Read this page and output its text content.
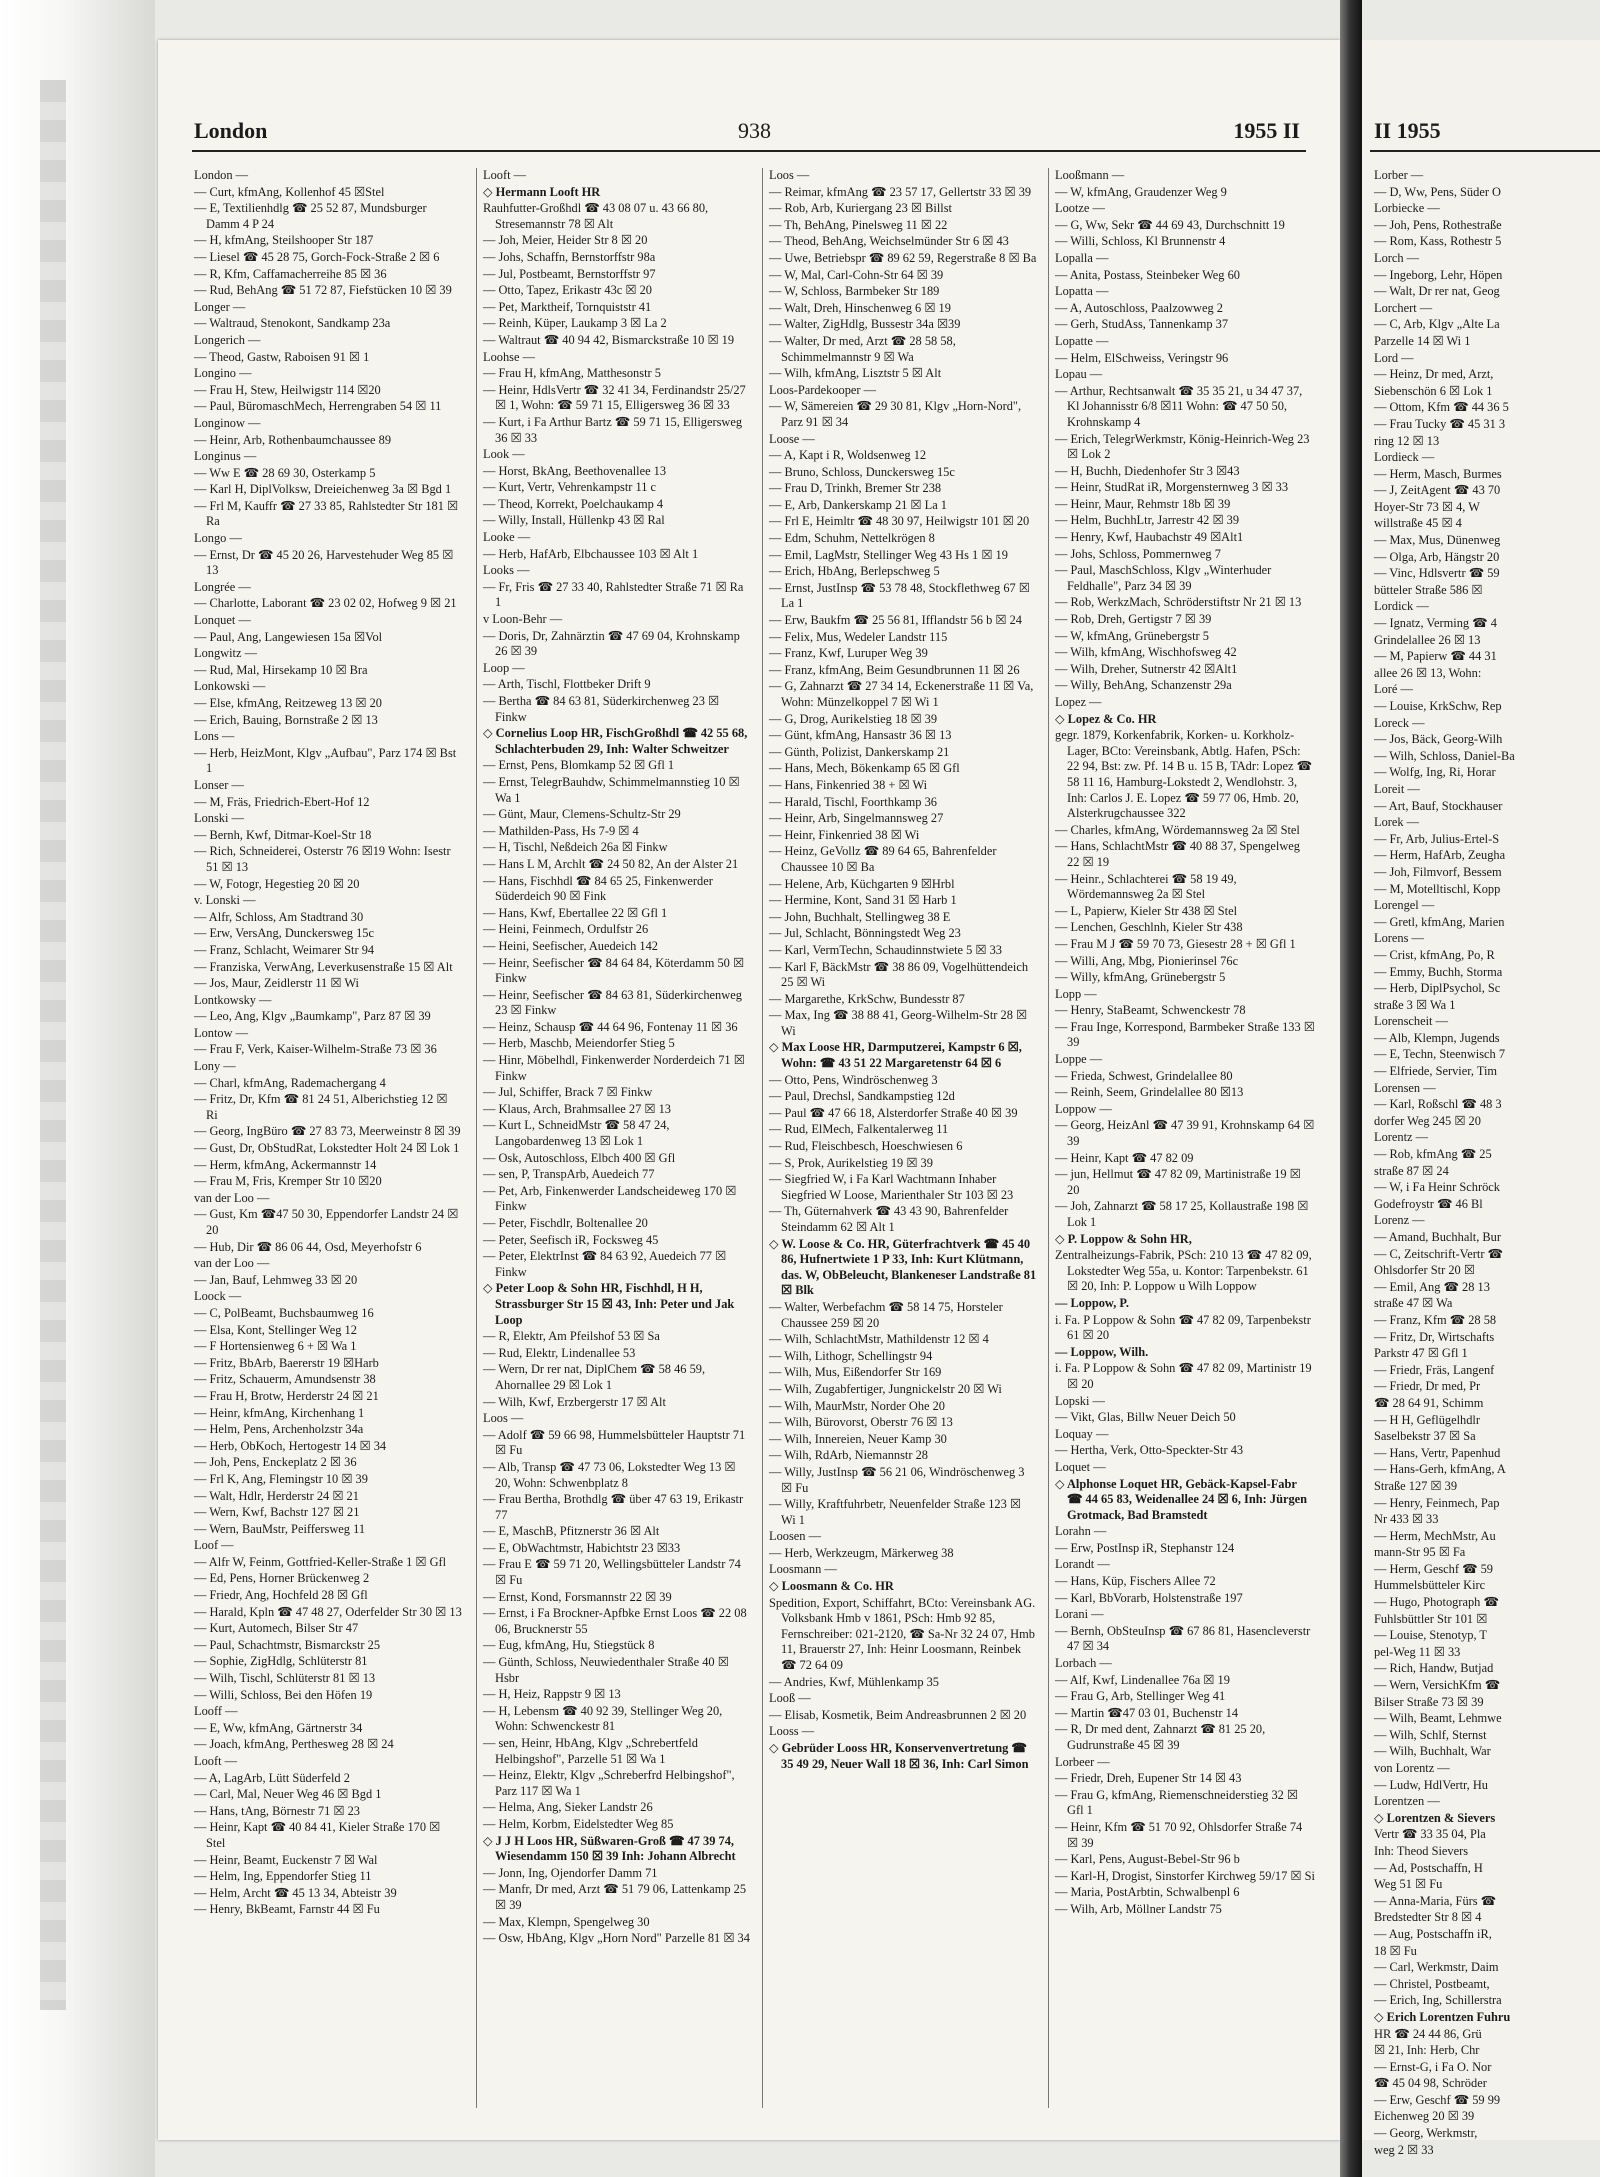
London	938	1955 II
London —
— Curt, kfmAng, Kollenhof 45 ☒Stel
— E, Textilienhdlg ☎ 25 52 87, Mundsburger Damm 4 P 24
— H, kfmAng, Steilshooper Str 187
— Liesel ☎ 45 28 75, Gorch-Fock-Straße 2 ☒ 6
— R, Kfm, Caffamacherreihe 85 ☒ 36
— Rud, BehAng ☎ 51 72 87, Fiefstücken 10 ☒ 39
Longer —
— Waltraud, Stenokont, Sandkamp 23a
Longerich —
— Theod, Gastw, Raboisen 91 ☒ 1
Longino —
— Frau H, Stew, Heilwigstr 114 ☒20
— Paul, BüromaschMech, Herrengraben 54 ☒ 11
Longinow —
— Heinr, Arb, Rothenbaumchaussee 89
Longinus —
— Ww E ☎ 28 69 30, Osterkamp 5
— Karl H, DiplVolksw, Dreieichenweg 3a ☒ Bgd 1
— Frl M, Kauffr ☎ 27 33 85, Rahlstedter Str 181 ☒ Ra
Longo —
— Ernst, Dr ☎ 45 20 26, Harvestehuder Weg 85 ☒ 13
Longrée —
— Charlotte, Laborant ☎ 23 02 02, Hofweg 9 ☒ 21
Lonquet —
— Paul, Ang, Langewiesen 15a ☒Vol
Longwitz —
— Rud, Mal, Hirsekamp 10 ☒ Bra
Lonkowski —
— Else, kfmAng, Reitzeweg 13 ☒ 20
— Erich, Bauing, Bornstraße 2 ☒ 13
Lons —
— Herb, HeizMont, Klgv „Aufbau", Parz 174 ☒ Bst 1
Lonser —
— M, Fräs, Friedrich-Ebert-Hof 12
Lonski —
— Bernh, Kwf, Ditmar-Koel-Str 18
— Rich, Schneiderei, Osterstr 76 ☒19 Wohn: Isestr 51 ☒ 13
— W, Fotogr, Hegestieg 20 ☒ 20
v. Lonski —
— Alfr, Schloss, Am Stadtrand 30
— Erw, VersAng, Dunckersweg 15c
— Franz, Schlacht, Weimarer Str 94
— Franziska, VerwAng, Leverkusenstraße 15 ☒ Alt
— Jos, Maur, Zeidlerstr 11 ☒ Wi
Lontkowsky —
— Leo, Ang, Klgv „Baumkamp", Parz 87 ☒ 39
Lontow —
— Frau F, Verk, Kaiser-Wilhelm-Straße 73 ☒ 36
Lony —
— Charl, kfmAng, Rademachergang 4
— Fritz, Dr, Kfm ☎ 81 24 51, Alberichstieg 12 ☒ Ri
— Georg, IngBüro ☎ 27 83 73, Meerweinstr 8 ☒ 39
— Gust, Dr, ObStudRat, Lokstedter Holt 24 ☒ Lok 1
— Herm, kfmAng, Ackermannstr 14
— Frau M, Fris, Kremper Str 10 ☒20
van der Loo —
— Gust, Km ☎47 50 30, Eppendorfer Landstr 24 ☒ 20
— Hub, Dir ☎ 86 06 44, Osd, Meyerhofstr 6
van der Loo —
— Jan, Bauf, Lehmweg 33 ☒ 20
Loock —
— C, PolBeamt, Buchsbaumweg 16
— Elsa, Kont, Stellinger Weg 12
— F Hortensienweg 6 + ☒ Wa 1
— Fritz, BbArb, Baererstr 19 ☒Harb
— Fritz, Schauerm, Amundsenstr 38
— Frau H, Brotw, Herderstr 24 ☒ 21
— Heinr, kfmAng, Kirchenhang 1
— Helm, Pens, Archenholzstr 34a
— Herb, ObKoch, Hertogestr 14 ☒ 34
— Joh, Pens, Enckeplatz 2 ☒ 36
— Frl K, Ang, Flemingstr 10 ☒ 39
— Walt, Hdlr, Herderstr 24 ☒ 21
— Wern, Kwf, Bachstr 127 ☒ 21
— Wern, BauMstr, Peiffersweg 11
Loof —
— Alfr W, Feinm, Gottfried-Keller-Straße 1 ☒ Gfl
— Ed, Pens, Horner Brückenweg 2
— Friedr, Ang, Hochfeld 28 ☒ Gfl
— Harald, Kpln ☎ 47 48 27, Oderfelder Str 30 ☒ 13
— Kurt, Automech, Bilser Str 47
— Paul, Schachtmstr, Bismarckstr 25
— Sophie, ZigHdlg, Schlüterstr 81
— Wilh, Tischl, Schlüterstr 81 ☒ 13
— Willi, Schloss, Bei den Höfen 19
Looff —
— E, Ww, kfmAng, Gärtnerstr 34
— Joach, kfmAng, Perthesweg 28 ☒ 24
Looft —
— A, LagArb, Lütt Süderfeld 2
— Carl, Mal, Neuer Weg 46 ☒ Bgd 1
— Hans, tAng, Börnestr 71 ☒ 23
— Heinr, Kapt ☎ 40 84 41, Kieler Straße 170 ☒ Stel
— Heinr, Beamt, Euckenstr 7 ☒ Wal
— Helm, Ing, Eppendorfer Stieg 11
— Helm, Archt ☎ 45 13 34, Abteistr 39
— Henry, BkBeamt, Farnstr 44 ☒ Fu
Looft —
◇ Hermann Looft HR
Rauhfutter-Großhdl ☎ 43 08 07 u. 43 66 80, Stresemannstr 78 ☒ Alt
— Joh, Meier, Heider Str 8 ☒ 20
— Johs, Schaffn, Bernstorffstr 98a
— Jul, Postbeamt, Bernstorffstr 97
— Otto, Tapez, Erikastr 43c ☒ 20
— Pet, Marktheif, Tornquiststr 41
— Reinh, Küper, Laukamp 3 ☒ La 2
— Waltraut ☎ 40 94 42, Bismarckstraße 10 ☒ 19
Loohse —
— Frau H, kfmAng, Matthesonstr 5
— Heinr, HdlsVertr ☎ 32 41 34, Ferdinandstr 25/27 ☒ 1, Wohn: ☎ 59 71 15, Elligersweg 36 ☒ 33
— Kurt, i Fa Arthur Bartz ☎ 59 71 15, Elligersweg 36 ☒ 33
Look —
— Horst, BkAng, Beethovenallee 13
— Kurt, Vertr, Vehrenkampstr 11 c
— Theod, Korrekt, Poelchaukamp 4
— Willy, Install, Hüllenkp 43 ☒ Ral
Looke —
— Herb, HafArb, Elbchaussee 103 ☒ Alt 1
Looks —
— Fr, Fris ☎ 27 33 40, Rahlstedter Straße 71 ☒ Ra 1
v Loon-Behr —
— Doris, Dr, Zahnärztin ☎ 47 69 04, Krohnskamp 26 ☒ 39
Loop —
— Arth, Tischl, Flottbeker Drift 9
— Bertha ☎ 84 63 81, Süderkirchenweg 23 ☒ Finkw
◇ Cornelius Loop HR, FischGroßhdl ☎ 42 55 68, Schlachterbuden 29, Inh: Walter Schweitzer
— Ernst, Pens, Blomkamp 52 ☒ Gfl 1
— Ernst, TelegrBauhdw, Schimmelmannstieg 10 ☒ Wa 1
— Günt, Maur, Clemens-Schultz-Str 29
— Mathilden-Pass, Hs 7-9 ☒ 4
— H, Tischl, Neßdeich 26a ☒ Finkw
— Hans L M, Archlt ☎ 24 50 82, An der Alster 21
— Hans, Fischhdl ☎ 84 65 25, Finkenwerder Süderdeich 90 ☒ Fink
— Hans, Kwf, Ebertallee 22 ☒ Gfl 1
— Heini, Feinmech, Ordulfstr 26
— Heini, Seefischer, Auedeich 142
— Heinr, Seefischer ☎ 84 64 84, Köterdamm 50 ☒ Finkw
— Heinr, Seefischer ☎ 84 63 81, Süderkirchenweg 23 ☒ Finkw
— Heinz, Schausp ☎ 44 64 96, Fontenay 11 ☒ 36
— Herb, Maschb, Meiendorfer Stieg 5
— Hinr, Möbelhdl, Finkenwerder Norderdeich 71 ☒ Finkw
— Jul, Schiffer, Brack 7 ☒ Finkw
— Klaus, Arch, Brahmsallee 27 ☒ 13
— Kurt L, SchneidMstr ☎ 58 47 24, Langobardenweg 13 ☒ Lok 1
— Osk, Autoschloss, Elbch 400 ☒ Gfl
— sen, P, TranspArb, Auedeich 77
— Pet, Arb, Finkenwerder Landscheideweg 170 ☒ Finkw
— Peter, Fischdlr, Boltenallee 20
— Peter, Seefisch iR, Focksweg 45
— Peter, ElektrInst ☎ 84 63 92, Auedeich 77 ☒ Finkw
◇ Peter Loop & Sohn HR, Fischhdl, H H, Strassburger Str 15 ☒ 43, Inh: Peter und Jak Loop
— R, Elektr, Am Pfeilshof 53 ☒ Sa
— Rud, Elektr, Lindenallee 53
— Wern, Dr rer nat, DiplChem ☎ 58 46 59, Ahornallee 29 ☒ Lok 1
— Wilh, Kwf, Erzbergerstr 17 ☒ Alt
Loos —
— Adolf ☎ 59 66 98, Hummelsbütteler Hauptstr 71 ☒ Fu
— Alb, Transp ☎ 47 73 06, Lokstedter Weg 13 ☒ 20, Wohn: Schwenbplatz 8
— Frau Bertha, Brothdlg ☎ über 47 63 19, Erikastr 77
— E, MaschB, Pfitznerstr 36 ☒ Alt
— E, ObWachtmstr, Habichtstr 23 ☒33
— Frau E ☎ 59 71 20, Wellingsbütteler Landstr 74 ☒ Fu
— Ernst, Kond, Forsmannstr 22 ☒ 39
— Ernst, i Fa Brockner-Apfbke Ernst Loos ☎ 22 08 06, Brucknerstr 55
— Eug, kfmAng, Hu, Stiegstück 8
— Günth, Schloss, Neuwiedenthaler Straße 40 ☒ Hsbr
— H, Heiz, Rappstr 9 ☒ 13
— H, Lebensm ☎ 40 92 39, Stellinger Weg 20, Wohn: Schwenckestr 81
— sen, Heinr, HbAng, Klgv „Schrebertfeld Helbingshof", Parzelle 51 ☒ Wa 1
— Heinz, Elektr, Klgv „Schreberfrd Helbingshof", Parz 117 ☒ Wa 1
— Helma, Ang, Sieker Landstr 26
— Helm, Korbm, Eidelstedter Weg 85
◇ J J H Loos HR, Süßwaren-Groß ☎ 47 39 74, Wiesendamm 150 ☒ 39 Inh: Johann Albrecht
— Jonn, Ing, Ojendorfer Damm 71
— Manfr, Dr med, Arzt ☎ 51 79 06, Lattenkamp 25 ☒ 39
— Max, Klempn, Spengelweg 30
— Osw, HbAng, Klgv „Horn Nord" Parzelle 81 ☒ 34
Loos —
— Reimar, kfmAng ☎ 23 57 17, Gellertstr 33 ☒ 39
— Rob, Arb, Kuriergang 23 ☒ Billst
— Th, BehAng, Pinelsweg 11 ☒ 22
— Theod, BehAng, Weichselmünder Str 6 ☒ 43
— Uwe, Betriebspr ☎ 89 62 59, Regerstraße 8 ☒ Ba
— W, Mal, Carl-Cohn-Str 64 ☒ 39
— W, Schloss, Barmbeker Str 189
— Walt, Dreh, Hinschenweg 6 ☒ 19
— Walter, ZigHdlg, Bussestr 34a ☒39
— Walter, Dr med, Arzt ☎ 28 58 58, Schimmelmannstr 9 ☒ Wa
— Wilh, kfmAng, Lisztstr 5 ☒ Alt
Loos-Pardekooper —
— W, Sämereien ☎ 29 30 81, Klgv „Horn-Nord", Parz 91 ☒ 34
Loose —
— A, Kapt i R, Woldsenweg 12
— Bruno, Schloss, Dunckersweg 15c
— Frau D, Trinkh, Bremer Str 238
— E, Arb, Dankerskamp 21 ☒ La 1
— Frl E, Heimltr ☎ 48 30 97, Heilwigstr 101 ☒ 20
— Edm, Schuhm, Nettelkrögen 8
— Emil, LagMstr, Stellinger Weg 43 Hs 1 ☒ 19
— Erich, HbAng, Berlepschweg 5
— Ernst, JustInsp ☎ 53 78 48, Stockflethweg 67 ☒ La 1
— Erw, Baukfm ☎ 25 56 81, Ifflandstr 56 b ☒ 24
— Felix, Mus, Wedeler Landstr 115
— Franz, Kwf, Luruper Weg 39
— Franz, kfmAng, Beim Gesundbrunnen 11 ☒ 26
— G, Zahnarzt ☎ 27 34 14, Eckenerstraße 11 ☒ Va, Wohn: Münzelkoppel 7 ☒ Wi 1
— G, Drog, Aurikelstieg 18 ☒ 39
— Günt, kfmAng, Hansastr 36 ☒ 13
— Günth, Polizist, Dankerskamp 21
— Hans, Mech, Bökenkamp 65 ☒ Gfl
— Hans, Finkenried 38 + ☒ Wi
— Harald, Tischl, Foorthkamp 36
— Heinr, Arb, Singelmannsweg 27
— Heinr, Finkenried 38 ☒ Wi
— Heinz, GeVollz ☎ 89 64 65, Bahrenfelder Chaussee 10 ☒ Ba
— Helene, Arb, Küchgarten 9 ☒Hrbl
— Hermine, Kont, Sand 31 ☒ Harb 1
— John, Buchhalt, Stellingweg 38 E
— Jul, Schlacht, Bönningstedt Weg 23
— Karl, VermTechn, Schaudinnstwiete 5 ☒ 33
— Karl F, BäckMstr ☎ 38 86 09, Vogelhüttendeich 25 ☒ Wi
— Margarethe, KrkSchw, Bundesstr 87
— Max, Ing ☎ 38 88 41, Georg-Wilhelm-Str 28 ☒ Wi
◇ Max Loose HR, Darmputzerei, Kampstr 6 ☒, Wohn: ☎ 43 51 22 Margaretenstr 64 ☒ 6
— Otto, Pens, Windröschenweg 3
— Paul, Drechsl, Sandkampstieg 12d
— Paul ☎ 47 66 18, Alsterdorfer Straße 40 ☒ 39
— Rud, ElMech, Falkentalerweg 11
— Rud, Fleischbesch, Hoeschwiesen 6
— S, Prok, Aurikelstieg 19 ☒ 39
— Siegfried W, i Fa Karl Wachtmann Inhaber Siegfried W Loose, Marienthaler Str 103 ☒ 23
— Th, Güternahverk ☎ 43 43 90, Bahrenfelder Steindamm 62 ☒ Alt 1
◇ W. Loose & Co. HR, Güterfrachtverk ☎ 45 40 86, Hufnertwiete 1 P 33, Inh: Kurt Klütmann, das. W, ObBeleucht, Blankeneser Landstraße 81 ☒ Blk
— Walter, Werbefachm ☎ 58 14 75, Horsteler Chaussee 259 ☒ 20
— Wilh, SchlachtMstr, Mathildenstr 12 ☒ 4
— Wilh, Lithogr, Schellingstr 94
— Wilh, Mus, Eißendorfer Str 169
— Wilh, Zugabfertiger, Jungnickelstr 20 ☒ Wi
— Wilh, MaurMstr, Norder Ohe 20
— Wilh, Bürovorst, Oberstr 76 ☒ 13
— Wilh, Innereien, Neuer Kamp 30
— Wilh, RdArb, Niemannstr 28
— Willy, JustInsp ☎ 56 21 06, Windröschenweg 3 ☒ Fu
— Willy, Kraftfuhrbetr, Neuenfelder Straße 123 ☒ Wi 1
Loosen —
— Herb, Werkzeugm, Märkerweg 38
Loosmann —
◇ Loosmann & Co. HR
Spedition, Export, Schiffahrt, BCto: Vereinsbank AG. Volksbank Hmb v 1861, PSch: Hmb 92 85, Fernschreiber: 021-2120, ☎ Sa-Nr 32 24 07, Hmb 11, Brauerstr 27, Inh: Heinr Loosmann, Reinbek ☎ 72 64 09
— Andries, Kwf, Mühlenkamp 35
Looß —
— Elisab, Kosmetik, Beim Andreasbrunnen 2 ☒ 20
Looss —
◇ Gebrüder Looss HR, Konservenvertretung ☎ 35 49 29, Neuer Wall 18 ☒ 36, Inh: Carl Simon
Looßmann —
— W, kfmAng, Graudenzer Weg 9
Lootze —
— G, Ww, Sekr ☎ 44 69 43, Durchschnitt 19
— Willi, Schloss, Kl Brunnenstr 4
Lopalla —
— Anita, Postass, Steinbeker Weg 60
Lopatta —
— A, Autoschloss, Paalzowweg 2
— Gerh, StudAss, Tannenkamp 37
Lopatte —
— Helm, ElSchweiss, Veringstr 96
Lopau —
— Arthur, Rechtsanwalt ☎ 35 35 21, u 34 47 37, Kl Johannisstr 6/8 ☒11 Wohn: ☎ 47 50 50, Krohnskamp 4
— Erich, TelegrWerkmstr, König-Heinrich-Weg 23 ☒ Lok 2
— H, Buchh, Diedenhofer Str 3 ☒43
— Heinr, StudRat iR, Morgensternweg 3 ☒ 33
— Heinr, Maur, Rehmstr 18b ☒ 39
— Helm, BuchhLtr, Jarrestr 42 ☒ 39
— Henry, Kwf, Haubachstr 49 ☒Alt1
— Johs, Schloss, Pommernweg 7
— Paul, MaschSchloss, Klgv „Winterhuder Feldhalle", Parz 34 ☒ 39
— Rob, WerkzMach, Schröderstiftstr Nr 21 ☒ 13
— Rob, Dreh, Gertigstr 7 ☒ 39
— W, kfmAng, Grünebergstr 5
— Wilh, kfmAng, Wischhofsweg 42
— Wilh, Dreher, Sutnerstr 42 ☒Alt1
— Willy, BehAng, Schanzenstr 29a
Lopez —
◇ Lopez & Co. HR
gegr. 1879, Korkenfabrik, Korken- u. Korkholz-Lager, BCto: Vereinsbank, Abtlg. Hafen, PSch: 22 94, Bst: zw. Pf. 14 B u. 15 B, TAdr: Lopez ☎ 58 11 16, Hamburg-Lokstedt 2, Wendlohstr. 3, Inh: Carlos J. E. Lopez ☎ 59 77 06, Hmb. 20, Alsterkrugchaussee 322
— Charles, kfmAng, Wördemannsweg 2a ☒ Stel
— Hans, SchlachtMstr ☎ 40 88 37, Spengelweg 22 ☒ 19
— Heinr., Schlachterei ☎ 58 19 49, Wördemannsweg 2a ☒ Stel
— L, Papierw, Kieler Str 438 ☒ Stel
— Lenchen, Geschlnh, Kieler Str 438
— Frau M J ☎ 59 70 73, Giesestr 28 + ☒ Gfl 1
— Willi, Ang, Mbg, Pionierinsel 76c
— Willy, kfmAng, Grünebergstr 5
Lopp —
— Henry, StaBeamt, Schwenckestr 78
— Frau Inge, Korrespond, Barmbeker Straße 133 ☒ 39
Loppe —
— Frieda, Schwest, Grindelallee 80
— Reinh, Seem, Grindelallee 80 ☒13
Loppow —
— Georg, HeizAnl ☎ 47 39 91, Krohnskamp 64 ☒ 39
— Heinr, Kapt ☎ 47 82 09
— jun, Hellmut ☎ 47 82 09, Martinistraße 19 ☒ 20
— Joh, Zahnarzt ☎ 58 17 25, Kollaustraße 198 ☒ Lok 1
◇ P. Loppow & Sohn HR,
Zentralheizungs-Fabrik, PSch: 210 13 ☎ 47 82 09, Lokstedter Weg 55a, u. Kontor: Tarpenbekstr. 61 ☒ 20, Inh: P. Loppow u Wilh Loppow
— Loppow, P.
i. Fa. P Loppow & Sohn ☎ 47 82 09, Tarpenbekstr 61 ☒ 20
— Loppow, Wilh.
i. Fa. P Loppow & Sohn ☎ 47 82 09, Martinistr 19 ☒ 20
Lopski —
— Vikt, Glas, Billw Neuer Deich 50
Loquay —
— Hertha, Verk, Otto-Speckter-Str 43
Loquet —
◇ Alphonse Loquet HR, Gebäck-Kapsel-Fabr ☎ 44 65 83, Weidenallee 24 ☒ 6, Inh: Jürgen Grotmack, Bad Bramstedt
Lorahn —
— Erw, PostInsp iR, Stephanstr 124
Lorandt —
— Hans, Küp, Fischers Allee 72
— Karl, BbVorarb, Holstenstraße 197
Lorani —
— Bernh, ObSteuInsp ☎ 67 86 81, Hasencleverstr 47 ☒ 34
Lorbach —
— Alf, Kwf, Lindenallee 76a ☒ 19
— Frau G, Arb, Stellinger Weg 41
— Martin ☎47 03 01, Buchenstr 14
— R, Dr med dent, Zahnarzt ☎ 81 25 20, Gudrunstraße 45 ☒ 39
Lorbeer —
— Friedr, Dreh, Eupener Str 14 ☒ 43
— Frau G, kfmAng, Riemenschneiderstieg 32 ☒ Gfl 1
— Heinr, Kfm ☎ 51 70 92, Ohlsdorfer Straße 74 ☒ 39
— Karl, Pens, August-Bebel-Str 96 b
— Karl-H, Drogist, Sinstorfer Kirchweg 59/17 ☒ Si
— Maria, PostArbtin, Schwalbenpl 6
— Wilh, Arb, Möllner Landstr 75
II 1955
Lorber —
— D, Ww, Pens, Süder O
Lorbiecke —
— Joh, Pens, Rothestraße
— Rom, Kass, Rothestr 5
Lorch —
— Ingeborg, Lehr, Höpen
— Walt, Dr rer nat, Geog
Lorchert —
— C, Arb, Klgv „Alte La
Parzelle 14 ☒ Wi 1
Lord —
— Heinz, Dr med, Arzt,
Siebenschön 6 ☒ Lok 1
— Ottom, Kfm ☎ 44 36 5
— Frau Tucky ☎ 45 31 3
ring 12 ☒ 13
Lordieck —
— Herm, Masch, Burmes
— J, ZeitAgent ☎ 43 70
Hoyer-Str 73 ☒ 4, W
willstraße 45 ☒ 4
— Max, Mus, Dünenweg
— Olga, Arb, Hängstr 20
— Vinc, Hdlsvertr ☎ 59
bütteler Straße 586 ☒
Lordick —
— Ignatz, Verming ☎ 4
Grindelallee 26 ☒ 13
— M, Papierw ☎ 44 31
allee 26 ☒ 13, Wohn:
Loré —
— Louise, KrkSchw, Rep
Loreck —
— Jos, Bäck, Georg-Wilh
— Wilh, Schloss, Daniel-Ba
— Wolfg, Ing, Ri, Horar
Loreit —
— Art, Bauf, Stockhauser
Lorek —
— Fr, Arb, Julius-Ertel-S
— Herm, HafArb, Zeugha
— Joh, Filmvorf, Bessem
— M, Motelltischl, Kopp
Lorengel —
— Gretl, kfmAng, Marien
Lorens —
— Crist, kfmAng, Po, R
— Emmy, Buchh, Storma
— Herb, DiplPsychol, Sc
straße 3 ☒ Wa 1
Lorenscheit —
— Alb, Klempn, Jugends
— E, Techn, Steenwisch 7
— Elfriede, Servier, Tim
Lorensen —
— Karl, Roßschl ☎ 48 3
dorfer Weg 245 ☒ 20
Lorentz —
— Rob, kfmAng ☎ 25
straße 87 ☒ 24
— W, i Fa Heinr Schröck
Godefroystr ☎ 46 Bl
Lorenz —
— Amand, Buchhalt, Bur
— C, Zeitschrift-Vertr ☎
Ohlsdorfer Str 20 ☒
— Emil, Ang ☎ 28 13
straße 47 ☒ Wa
— Franz, Kfm ☎ 28 58
— Fritz, Dr, Wirtschafts
Parkstr 47 ☒ Gfl 1
— Friedr, Fräs, Langenf
— Friedr, Dr med, Pr
☎ 28 64 91, Schimm
— H H, Geflügelhdlr
Saselbekstr 37 ☒ Sa
— Hans, Vertr, Papenhud
— Hans-Gerh, kfmAng, A
Straße 127 ☒ 39
— Henry, Feinmech, Pap
Nr 433 ☒ 33
— Herm, MechMstr, Au
mann-Str 95 ☒ Fa
— Herm, Geschf ☎ 59
Hummelsbütteler Kirc
— Hugo, Photograph ☎
Fuhlsbüttler Str 101 ☒
— Louise, Stenotyp, T
pel-Weg 11 ☒ 33
— Rich, Handw, Butjad
— Wern, VersichKfm ☎
Bilser Straße 73 ☒ 39
— Wilh, Beamt, Lehmwe
— Wilh, Schlf, Sternst
— Wilh, Buchhalt, War
von Lorentz —
— Ludw, HdlVertr, Hu
Lorentzen —
◇ Lorentzen & Sievers
Vertr ☎ 33 35 04, Pla
Inh: Theod Sievers
— Ad, Postschaffn, H
Weg 51 ☒ Fu
— Anna-Maria, Fürs ☎
Bredstedter Str 8 ☒ 4
— Aug, Postschaffn iR,
18 ☒ Fu
— Carl, Werkmstr, Daim
— Christel, Postbeamt,
— Erich, Ing, Schillerstra
◇ Erich Lorentzen Fuhru
HR ☎ 24 44 86, Grü
☒ 21, Inh: Herb, Chr
— Ernst-G, i Fa O. Nor
☎ 45 04 98, Schröder
— Erw, Geschf ☎ 59 99
Eichenweg 20 ☒ 39
— Georg, Werkmstr,
weg 2 ☒ 33
